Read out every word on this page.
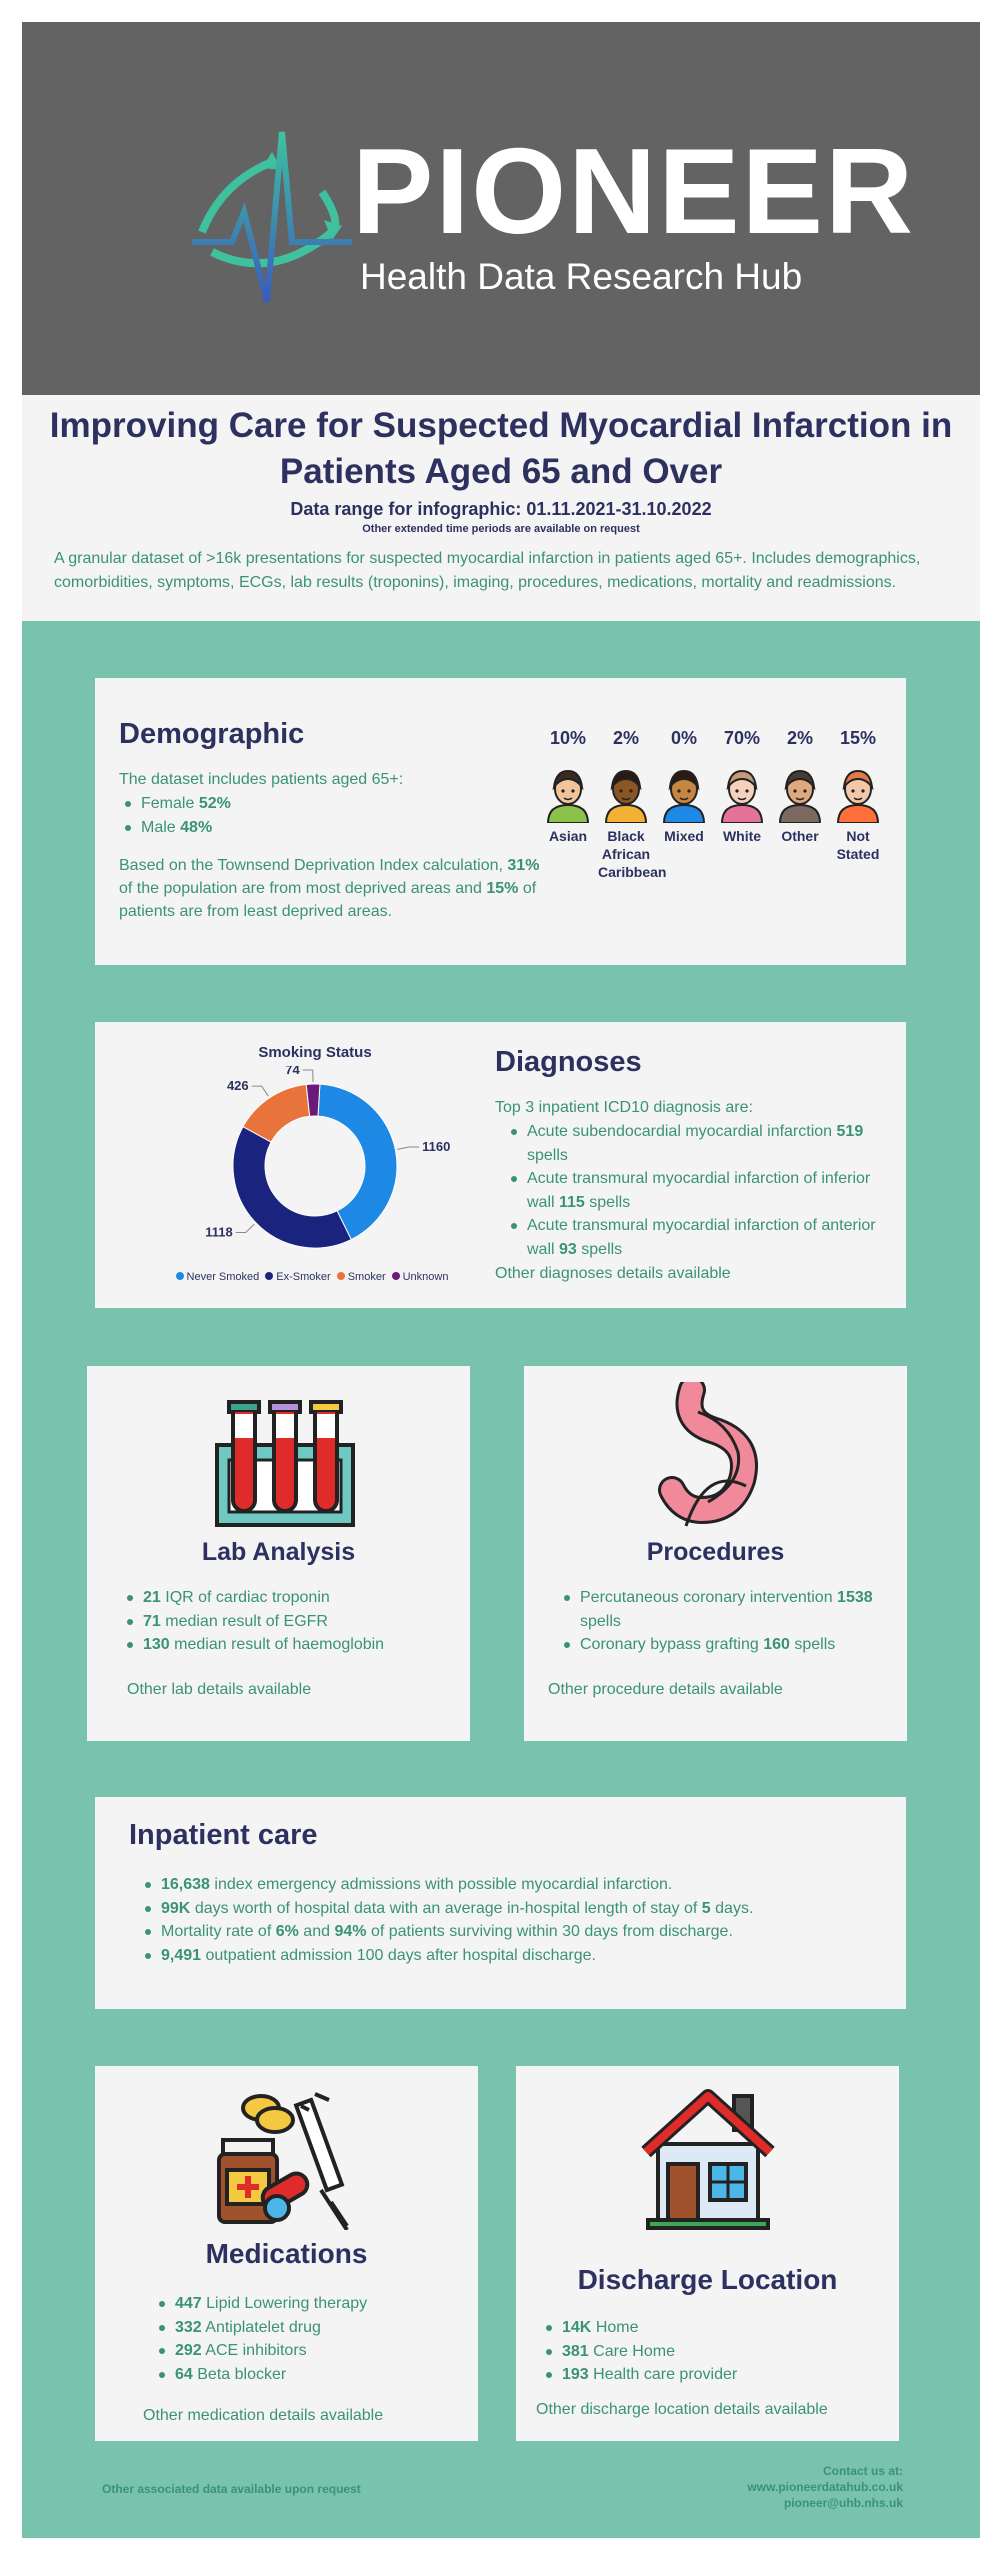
PIONEER
Health Data Research Hub
Improving Care for Suspected Myocardial Infarction in Patients Aged 65 and Over
Data range for infographic: 01.11.2021-31.10.2022
Other extended time periods are available on request
A granular dataset of >16k presentations for suspected myocardial infarction in patients aged 65+. Includes demographics, comorbidities, symptoms, ECGs, lab results (troponins), imaging, procedures, medications, mortality and readmissions.
Demographic
The dataset includes patients aged 65+:
Female 52%
Male 48%
Based on the Townsend Deprivation Index calculation, 31% of the population are from most deprived areas and 15% of patients are from least deprived areas.
10%
Asian
2%
Black African Caribbean
0%
Mixed
70%
White
2%
Other
15%
Not Stated
Smoking Status
1160
1118
426
74
Never Smoked Ex-Smoker Smoker Unknown
Diagnoses
Top 3 inpatient ICD10 diagnosis are:
Acute subendocardial myocardial infarction 519 spells
Acute transmural myocardial infarction of inferior wall 115 spells
Acute transmural myocardial infarction of anterior wall 93 spells
Other diagnoses details available
Lab Analysis
21 IQR of cardiac troponin
71 median result of EGFR
130 median result of haemoglobin
Other lab details available
Procedures
Percutaneous coronary intervention 1538 spells
Coronary bypass grafting 160 spells
Other procedure details available
Inpatient care
16,638 index emergency admissions with possible myocardial infarction.
99K days worth of hospital data with an average in-hospital length of stay of 5 days.
Mortality rate of 6% and 94% of patients surviving within 30 days from discharge.
9,491 outpatient admission 100 days after hospital discharge.
Medications
447 Lipid Lowering therapy
332 Antiplatelet drug
292 ACE inhibitors
64 Beta blocker
Other medication details available
Discharge Location
14K Home
381 Care Home
193 Health care provider
Other discharge location details available
Other associated data available upon request
Contact us at:
www.pioneerdatahub.co.uk
pioneer@uhb.nhs.uk
